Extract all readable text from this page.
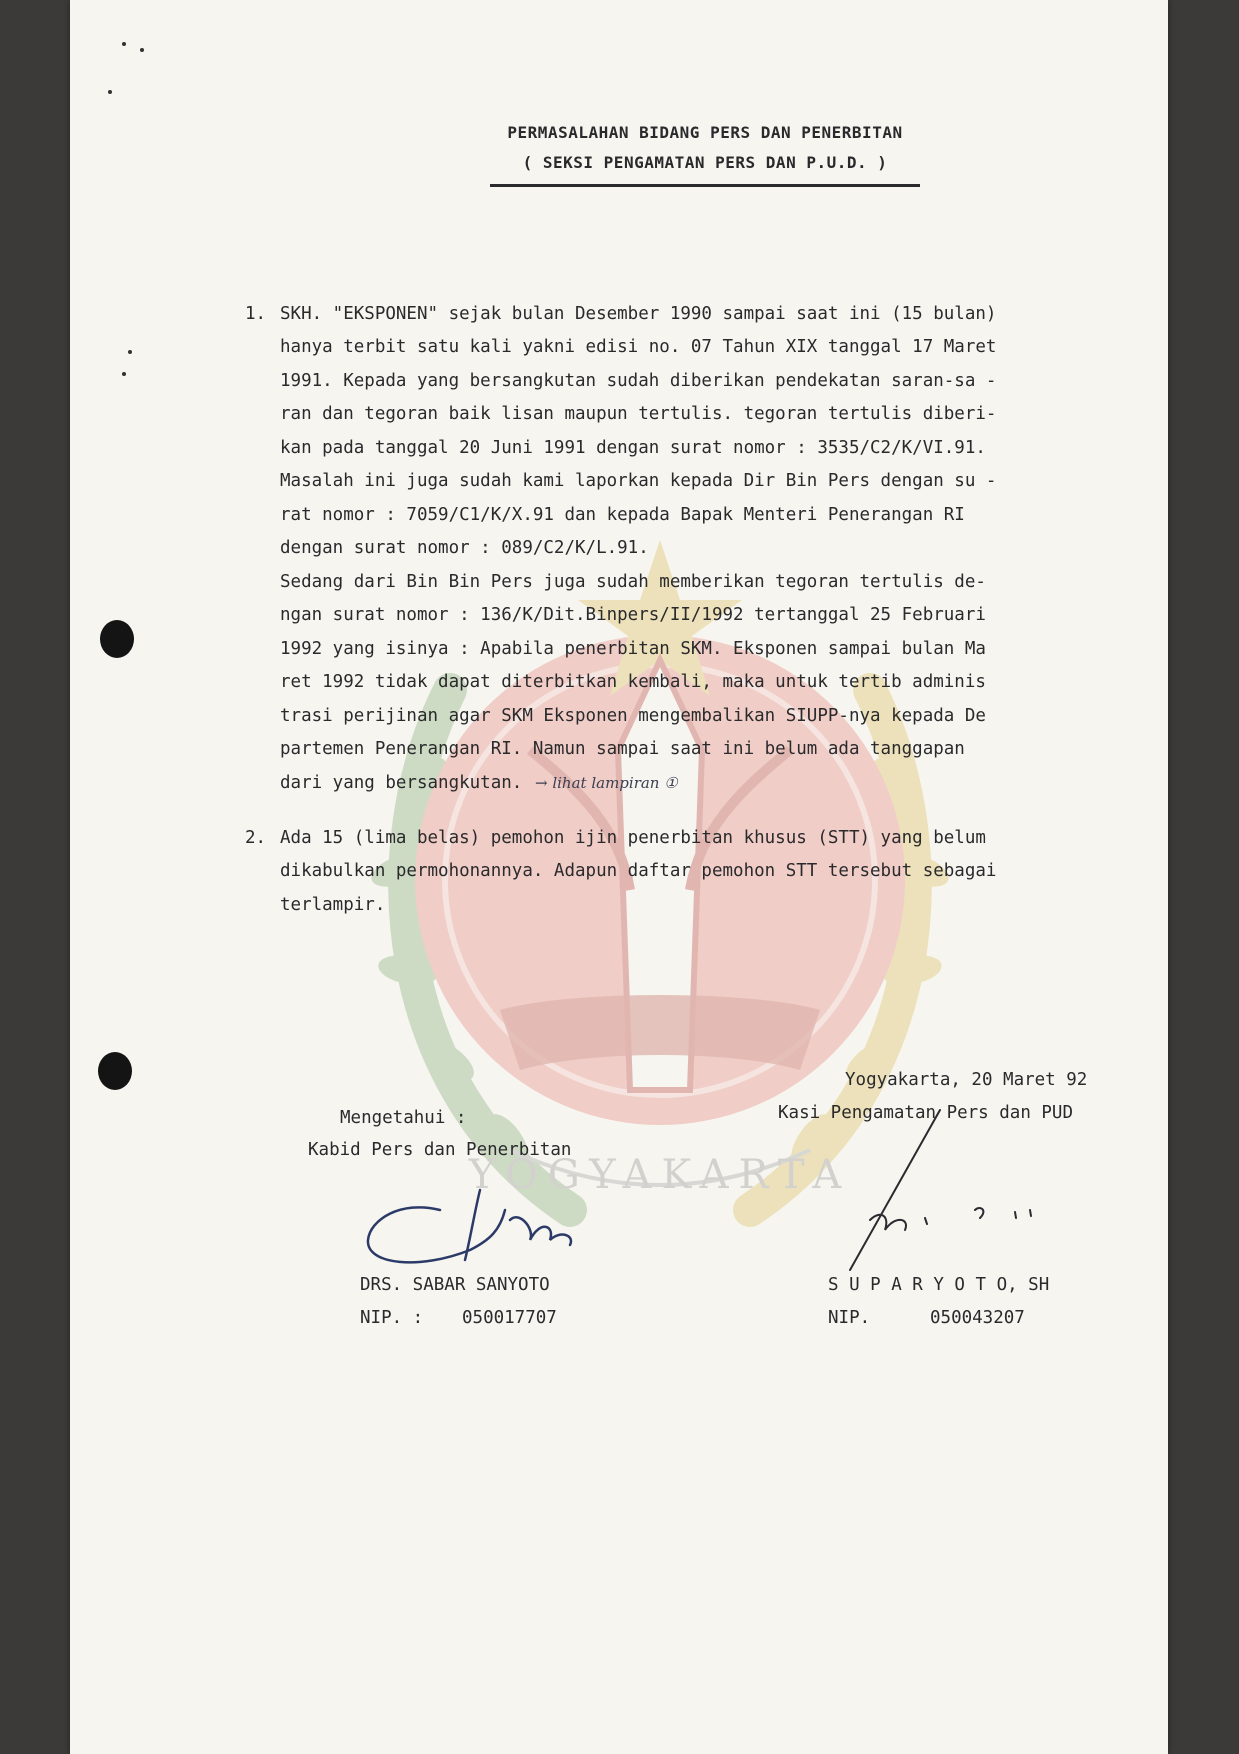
YOGYAKARTA
PERMASALAHAN BIDANG PERS DAN PENERBITAN
( SEKSI PENGAMATAN PERS DAN P.U.D. )
1. SKH. "EKSPONEN" sejak bulan Desember 1990 sampai saat ini (15 bulan)
hanya terbit satu kali yakni edisi no. 07 Tahun XIX tanggal 17 Maret
1991. Kepada yang bersangkutan sudah diberikan pendekatan saran-sa -
ran dan tegoran baik lisan maupun tertulis. tegoran tertulis diberi-
kan pada tanggal 20 Juni 1991 dengan surat nomor : 3535/C2/K/VI.91.
Masalah ini juga sudah kami laporkan kepada Dir Bin Pers dengan su -
rat nomor : 7059/C1/K/X.91 dan kepada Bapak Menteri Penerangan RI
dengan surat nomor : 089/C2/K/L.91.
Sedang dari Bin Bin Pers juga sudah memberikan tegoran tertulis de-
ngan surat nomor : 136/K/Dit.Binpers/II/1992 tertanggal 25 Februari
1992 yang isinya : Apabila penerbitan SKM. Eksponen sampai bulan Ma
ret 1992 tidak dapat diterbitkan kembali, maka untuk tertib adminis
trasi perijinan agar SKM Eksponen mengembalikan SIUPP-nya kepada De
partemen Penerangan RI. Namun sampai saat ini belum ada tanggapan
dari yang bersangkutan. → lihat lampiran ①
2. Ada 15 (lima belas) pemohon ijin penerbitan khusus (STT) yang belum
dikabulkan permohonannya. Adapun daftar pemohon STT tersebut sebagai
terlampir.
Yogyakarta, 20 Maret 92
Kasi Pengamatan Pers dan PUD
Mengetahui :
Kabid Pers dan Penerbitan
DRS. SABAR SANYOTO
NIP. : 050017707
S U P A R Y O T O, SH
NIP.	050043207
